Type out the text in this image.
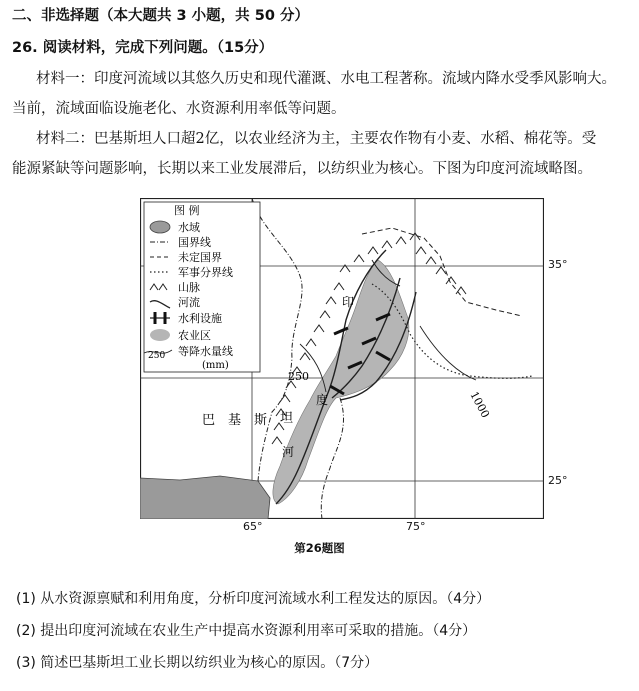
二、非选择题（本大题共 3 小题，共 50 分）
26. 阅读材料，完成下列问题。（15分）
材料一：印度河流域以其悠久历史和现代灌溉、水电工程著称。流域内降水受季风影响大。
当前，流域面临设施老化、水资源利用率低等问题。
材料二：巴基斯坦人口超2亿，以农业经济为主，主要农作物有小麦、水稻、棉花等。受
能源紧缺等问题影响，长期以来工业发展滞后，以纺织业为核心。下图为印度河流域略图。
图 例
水域
国界线
未定国界
军事分界线
山脉
河流
水利设施
农业区
等降水量线
250
(mm)
印
度
河
巴 基 斯 坦
250
1000
35°
25°
65°	75°
第26题图
(1) 从水资源禀赋和利用角度，分析印度河流域水利工程发达的原因。（4分）
(2) 提出印度河流域在农业生产中提高水资源利用率可采取的措施。（4分）
(3) 简述巴基斯坦工业长期以纺织业为核心的原因。（7分）
